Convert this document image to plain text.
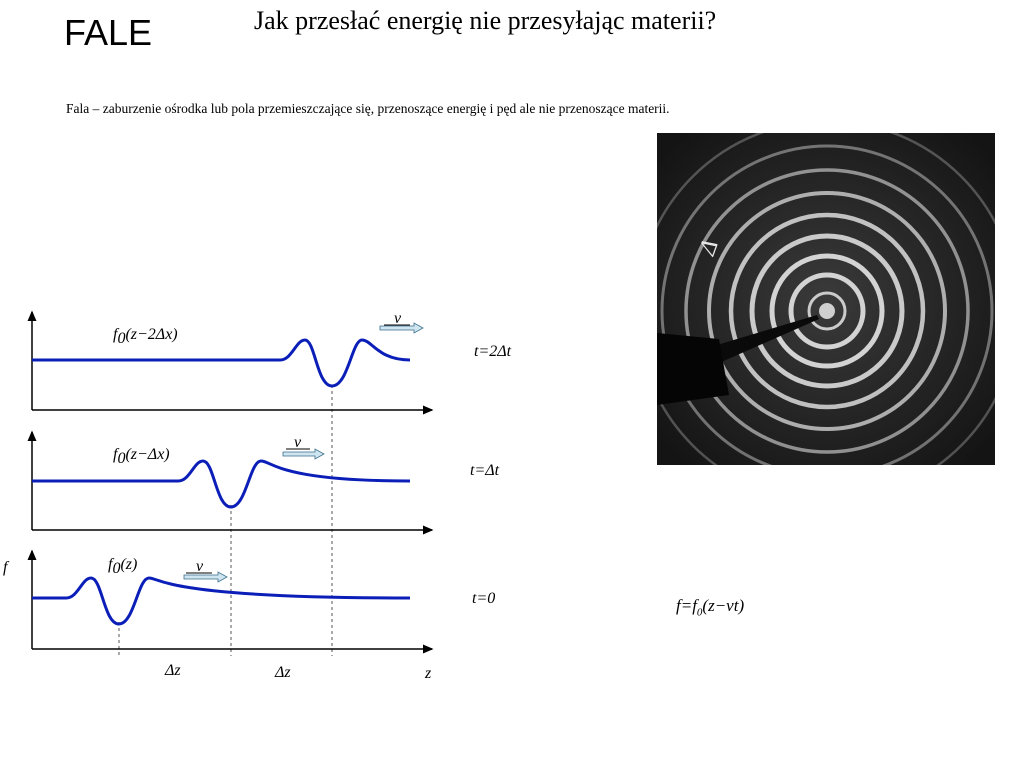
FALE	Jak przesłać energię nie przesyłając materii?
Fala – zaburzenie ośrodka lub pola przemieszczające się, przenoszące energię i pęd ale nie przenoszące materii.
f0(z−2Δx)
v
t=2Δt
f0(z−Δx)
v
t=Δt
f0(z)	v
t=0
f
z
Δz	Δz
Δ
$f=f_0(z-vt)$
